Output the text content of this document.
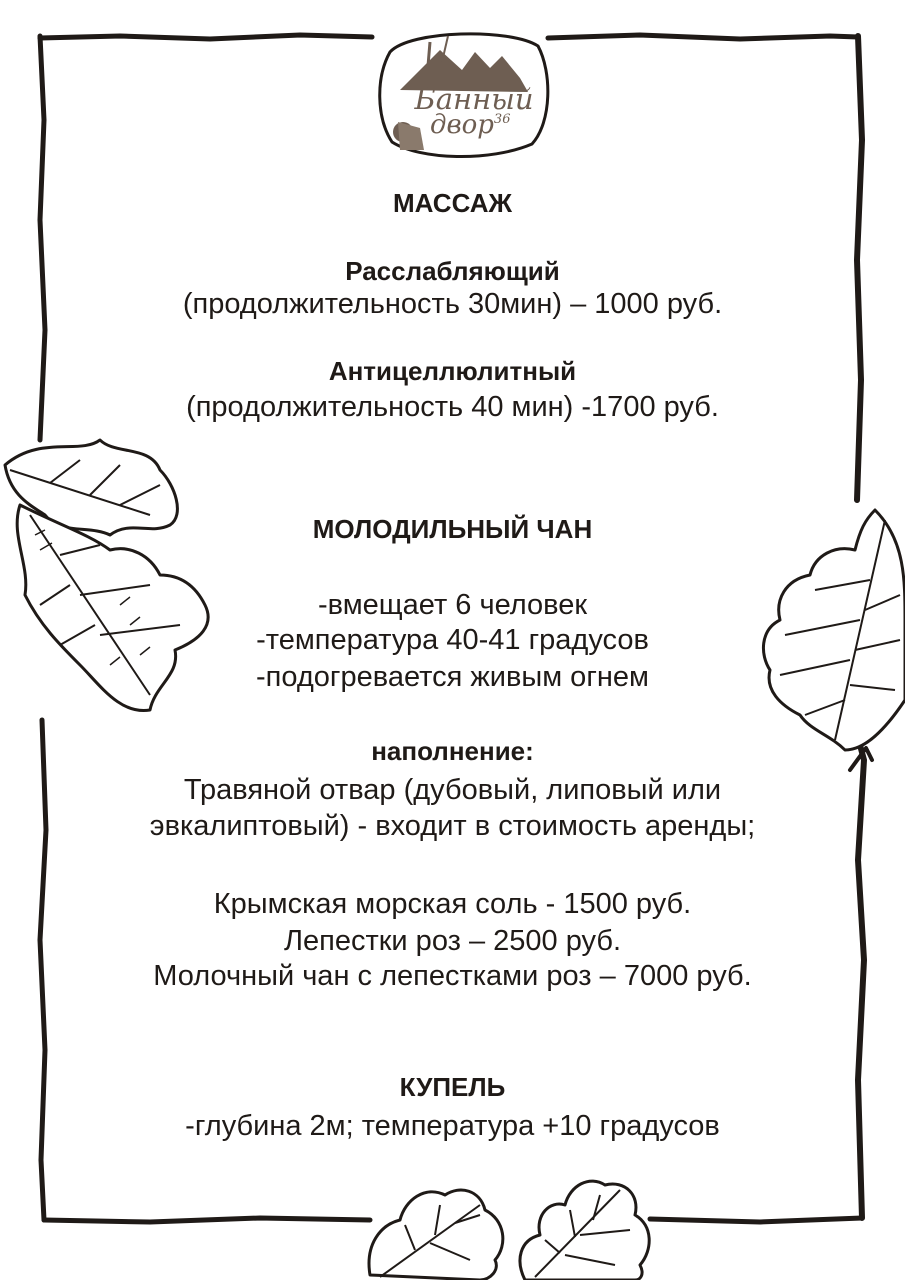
Банный
двор$^{36}$
МАССАЖ
Расслабляющий
(продолжительность 30мин) – 1000 руб.
Антицеллюлитный
(продолжительность 40 мин) -1700 руб.
МОЛОДИЛЬНЫЙ ЧАН
-вмещает 6 человек
-температура 40-41 градусов
-подогревается живым огнем
наполнение:
Травяной отвар (дубовый, липовый или
эвкалиптовый) - входит в стоимость аренды;
Крымская морская соль - 1500 руб.
Лепестки роз – 2500 руб.
Молочный чан с лепестками роз – 7000 руб.
КУПЕЛЬ
-глубина 2м; температура +10 градусов
